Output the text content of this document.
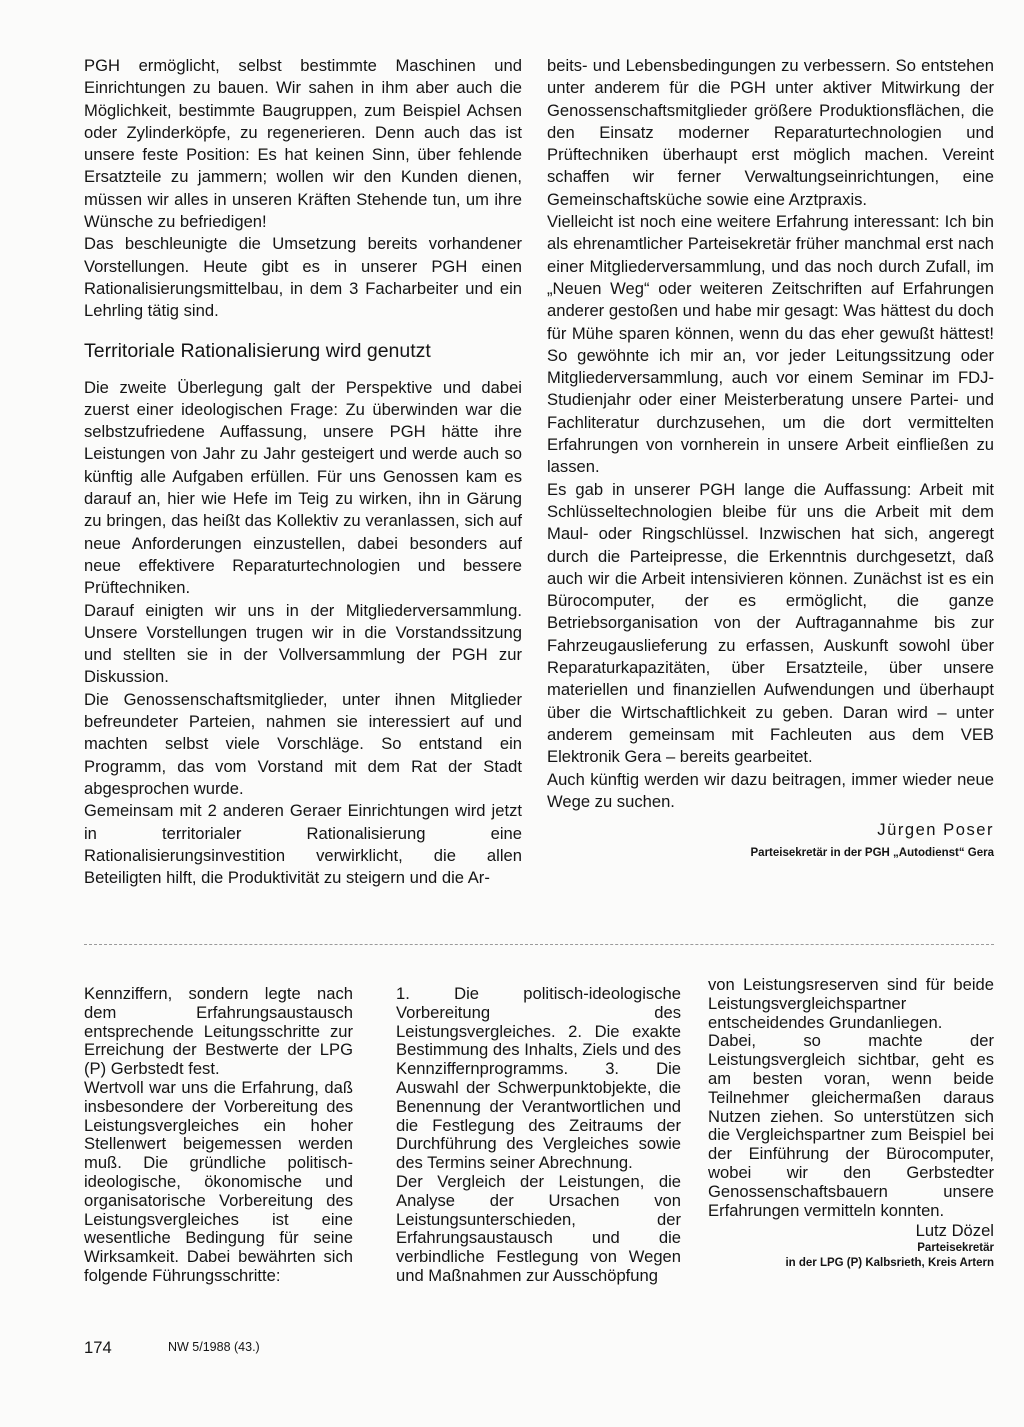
PGH ermöglicht, selbst bestimmte Maschinen und Einrichtungen zu bauen. Wir sahen in ihm aber auch die Möglichkeit, bestimmte Baugruppen, zum Beispiel Achsen oder Zylinderköpfe, zu regenerieren. Denn auch das ist unsere feste Position: Es hat keinen Sinn, über fehlende Ersatzteile zu jammern; wollen wir den Kunden dienen, müssen wir alles in unseren Kräften Stehende tun, um ihre Wünsche zu befriedigen!

Das beschleunigte die Umsetzung bereits vorhandener Vorstellungen. Heute gibt es in unserer PGH einen Rationalisierungsmittelbau, in dem 3 Facharbeiter und ein Lehrling tätig sind.

Territoriale Rationalisierung wird genutzt

Die zweite Überlegung galt der Perspektive und dabei zuerst einer ideologischen Frage: Zu überwinden war die selbstzufriedene Auffassung, unsere PGH hätte ihre Leistungen von Jahr zu Jahr gesteigert und werde auch so künftig alle Aufgaben erfüllen. Für uns Genossen kam es darauf an, hier wie Hefe im Teig zu wirken, ihn in Gärung zu bringen, das heißt das Kollektiv zu veranlassen, sich auf neue Anforderungen einzustellen, dabei besonders auf neue effektivere Reparaturtechnologien und bessere Prüftechniken.

Darauf einigten wir uns in der Mitgliederversammlung. Unsere Vorstellungen trugen wir in die Vorstandssitzung und stellten sie in der Vollversammlung der PGH zur Diskussion.

Die Genossenschaftsmitglieder, unter ihnen Mitglieder befreundeter Parteien, nahmen sie interessiert auf und machten selbst viele Vorschläge. So entstand ein Programm, das vom Vorstand mit dem Rat der Stadt abgesprochen wurde.

Gemeinsam mit 2 anderen Geraer Einrichtungen wird jetzt in territorialer Rationalisierung eine Rationalisierungsinvestition verwirklicht, die allen Beteiligten hilft, die Produktivität zu steigern und die Ar-

beits- und Lebensbedingungen zu verbessern. So entstehen unter anderem für die PGH unter aktiver Mitwirkung der Genossenschaftsmitglieder größere Produktionsflächen, die den Einsatz moderner Reparaturtechnologien und Prüftechniken überhaupt erst möglich machen. Vereint schaffen wir ferner Verwaltungseinrichtungen, eine Gemeinschaftsküche sowie eine Arztpraxis.

Vielleicht ist noch eine weitere Erfahrung interessant: Ich bin als ehrenamtlicher Parteisekretär früher manchmal erst nach einer Mitgliederversammlung, und das noch durch Zufall, im „Neuen Weg“ oder weiteren Zeitschriften auf Erfahrungen anderer gestoßen und habe mir gesagt: Was hättest du doch für Mühe sparen können, wenn du das eher gewußt hättest! So gewöhnte ich mir an, vor jeder Leitungssitzung oder Mitgliederversammlung, auch vor einem Seminar im FDJ-Studienjahr oder einer Meisterberatung unsere Partei- und Fachliteratur durchzusehen, um die dort vermittelten Erfahrungen von vornherein in unsere Arbeit einfließen zu lassen.

Es gab in unserer PGH lange die Auffassung: Arbeit mit Schlüsseltechnologien bleibe für uns die Arbeit mit dem Maul- oder Ringschlüssel. Inzwischen hat sich, angeregt durch die Parteipresse, die Erkenntnis durchgesetzt, daß auch wir die Arbeit intensivieren können. Zunächst ist es ein Bürocomputer, der es ermöglicht, die ganze Betriebsorganisation von der Auftragannahme bis zur Fahrzeugauslieferung zu erfassen, Auskunft sowohl über Reparaturkapazitäten, über Ersatzteile, über unsere materiellen und finanziellen Aufwendungen und überhaupt über die Wirtschaftlichkeit zu geben. Daran wird – unter anderem gemeinsam mit Fachleuten aus dem VEB Elektronik Gera – bereits gearbeitet.

Auch künftig werden wir dazu beitragen, immer wieder neue Wege zu suchen.

Jürgen Poser
Parteisekretär in der PGH „Autodienst“ Gera

Kennziffern, sondern legte nach dem Erfahrungsaustausch entsprechende Leitungsschritte zur Erreichung der Bestwerte der LPG (P) Gerbstedt fest.

Wertvoll war uns die Erfahrung, daß insbesondere der Vorbereitung des Leistungsvergleiches ein hoher Stellenwert beigemessen werden muß. Die gründliche politisch-ideologische, ökonomische und organisatorische Vorbereitung des Leistungsvergleiches ist eine wesentliche Bedingung für seine Wirksamkeit. Dabei bewährten sich folgende Führungsschritte:

1. Die politisch-ideologische Vorbereitung des Leistungsvergleiches. 2. Die exakte Bestimmung des Inhalts, Ziels und des Kennziffernprogramms. 3. Die Auswahl der Schwerpunktobjekte, die Benennung der Verantwortlichen und die Festlegung des Zeitraums der Durchführung des Vergleiches sowie des Termins seiner Abrechnung.

Der Vergleich der Leistungen, die Analyse der Ursachen von Leistungsunterschieden, der Erfahrungsaustausch und die verbindliche Festlegung von Wegen und Maßnahmen zur Ausschöpfung

von Leistungsreserven sind für beide Leistungsvergleichspartner entscheidendes Grundanliegen.

Dabei, so machte der Leistungsvergleich sichtbar, geht es am besten voran, wenn beide Teilnehmer gleichermaßen daraus Nutzen ziehen. So unterstützen sich die Vergleichspartner zum Beispiel bei der Einführung der Bürocomputer, wobei wir den Gerbstedter Genossenschaftsbauern unsere Erfahrungen vermitteln konnten.

Lutz Dözel
Parteisekretär
in der LPG (P) Kalbsrieth, Kreis Artern
174	NW 5/1988 (43.)
